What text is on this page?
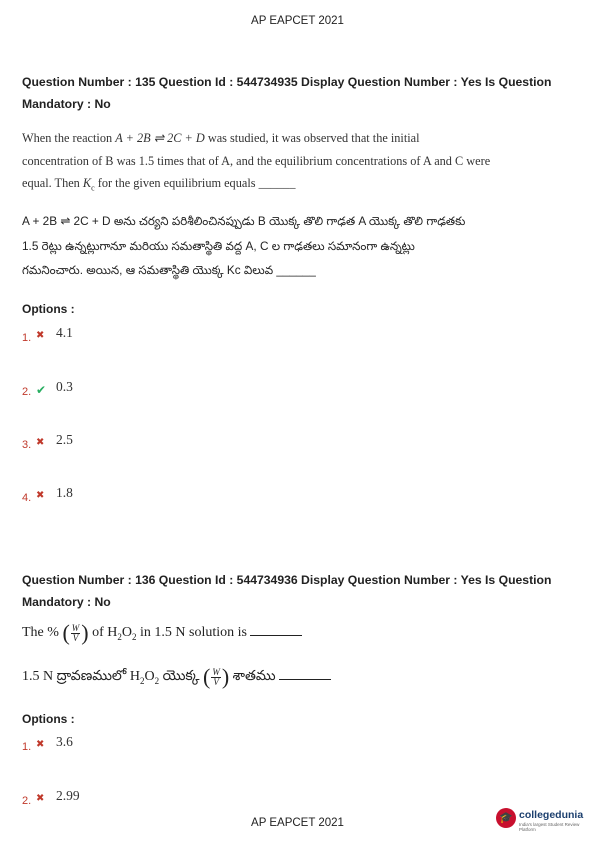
AP EAPCET 2021
Question Number : 135 Question Id : 544734935 Display Question Number : Yes Is Question
Mandatory : No
When the reaction A + 2B ⇌ 2C + D was studied, it was observed that the initial
concentration of B was 1.5 times that of A, and the equilibrium concentrations of A and C were
equal. Then $K_c$ for the given equilibrium equals ______
A + 2B ⇌ 2C + D అను చర్యని పరిశీలించినప్పుడు B యొక్క తొలి గాఢత A యొక్క తొలి గాఢతకు
1.5 రెట్లు ఉన్నట్లుగానూ మరియు సమతాస్థితి వద్ద A, C ల గాఢతలు సమానంగా ఉన్నట్లు
గమనించారు. అయిన, ఆ సమతాస్థితి యొక్క Kc విలువ ______
Options :
1. ✖ 4.1
2. ✔ 0.3
3. ✖ 2.5
4. ✖ 1.8
Question Number : 136 Question Id : 544734936 Display Question Number : Yes Is Question
Mandatory : No
The % ( $\frac{W}{V}$ ) of $H_2O_2$ in 1.5 N solution is
1.5 N ద్రావణములో $H_2O_2$ యొక్క ( $\frac{W}{V}$ ) శాతము
Options :
1. ✖ 3.6
2. ✖ 2.99
AP EAPCET 2021	🎓 collegedunia
India's largest Student Review Platform
